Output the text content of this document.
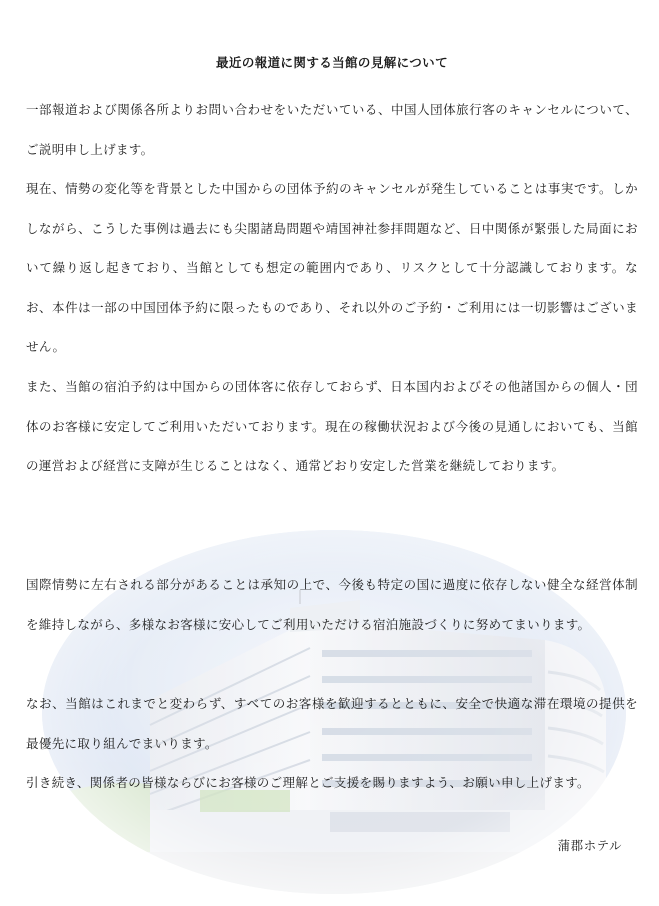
最近の報道に関する当館の見解について

一部報道および関係各所よりお問い合わせをいただいている、中国人団体旅行客のキャンセルについて、ご説明申し上げます。

現在、情勢の変化等を背景とした中国からの団体予約のキャンセルが発生していることは事実です。しかしながら、こうした事例は過去にも尖閣諸島問題や靖国神社参拝問題など、日中関係が緊張した局面において繰り返し起きており、当館としても想定の範囲内であり、リスクとして十分認識しております。なお、本件は一部の中国団体予約に限ったものであり、それ以外のご予約・ご利用には一切影響はございません。

また、当館の宿泊予約は中国からの団体客に依存しておらず、日本国内およびその他諸国からの個人・団体のお客様に安定してご利用いただいております。現在の稼働状況および今後の見通しにおいても、当館の運営および経営に支障が生じることはなく、通常どおり安定した営業を継続しております。

国際情勢に左右される部分があることは承知の上で、今後も特定の国に過度に依存しない健全な経営体制を維持しながら、多様なお客様に安心してご利用いただける宿泊施設づくりに努めてまいります。

なお、当館はこれまでと変わらず、すべてのお客様を歓迎するとともに、安全で快適な滞在環境の提供を最優先に取り組んでまいります。

引き続き、関係者の皆様ならびにお客様のご理解とご支援を賜りますよう、お願い申し上げます。

蒲郡ホテル
